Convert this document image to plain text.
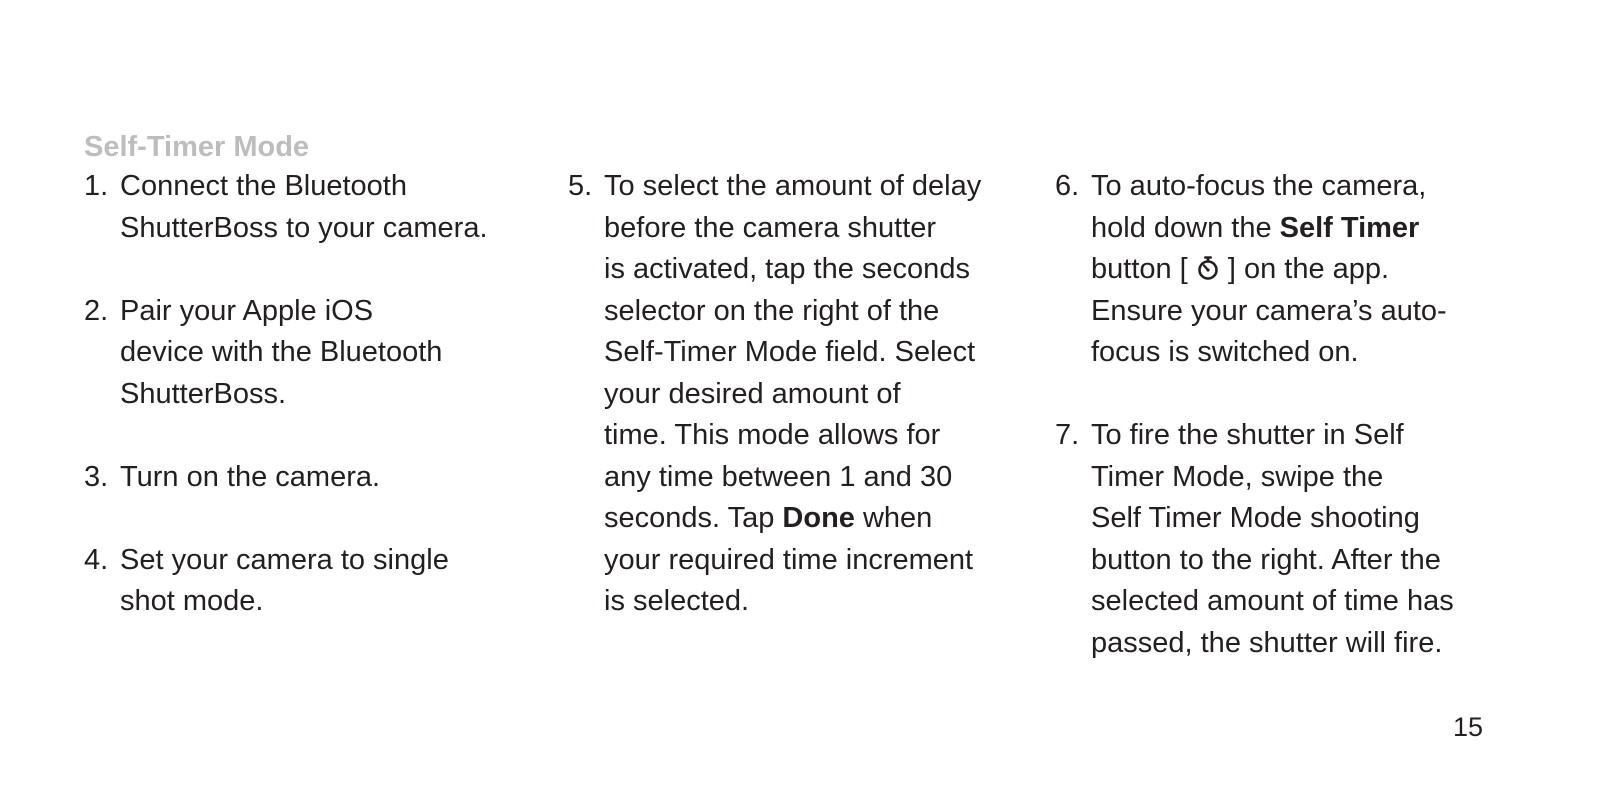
Self-Timer Mode
1. Connect the Bluetooth
ShutterBoss to your camera.
2. Pair your Apple iOS
device with the Bluetooth
ShutterBoss.
3. Turn on the camera.
4. Set your camera to single
shot mode.
5. To select the amount of delay
before the camera shutter
is activated, tap the seconds
selector on the right of the
Self-Timer Mode field. Select
your desired amount of
time. This mode allows for
any time between 1 and 30
seconds. Tap Done when
your required time increment
is selected.
6. To auto-focus the camera,
hold down the Self Timer
button [  ] on the app.
Ensure your camera’s auto-
focus is switched on.
7. To fire the shutter in Self
Timer Mode, swipe the
Self Timer Mode shooting
button to the right. After the
selected amount of time has
passed, the shutter will fire.
15
